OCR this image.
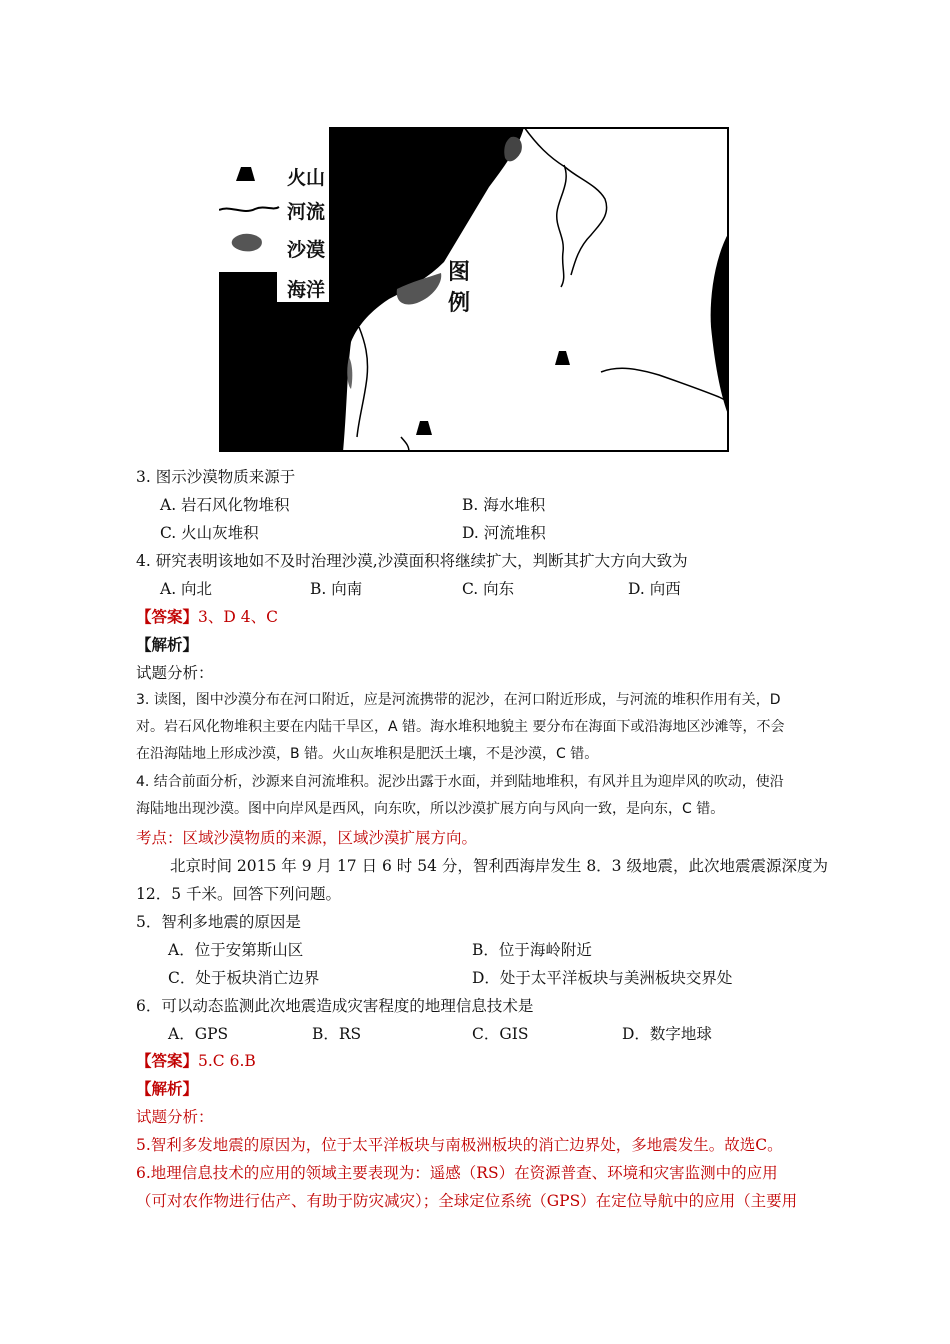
图例
火山
河流
沙漠
海洋
3. 图示沙漠物质来源于
A. 岩石风化物堆积	B. 海水堆积
C. 火山灰堆积	D. 河流堆积
4. 研究表明该地如不及时治理沙漠,沙漠面积将继续扩大，判断其扩大方向大致为
A. 向北	B. 向南	C. 向东	D. 向西
【答案】3、D 4、C
【解析】
试题分析：
3. 读图，图中沙漠分布在河口附近，应是河流携带的泥沙，在河口附近形成，与河流的堆积作用有关，D
对。岩石风化物堆积主要在内陆干旱区，A 错。海水堆积地貌主 要分布在海面下或沿海地区沙滩等，不会
在沿海陆地上形成沙漠，B 错。火山灰堆积是肥沃土壤，不是沙漠，C 错。
4. 结合前面分析，沙源来自河流堆积。泥沙出露于水面，并到陆地堆积，有风并且为迎岸风的吹动，使沿
海陆地出现沙漠。图中向岸风是西风，向东吹，所以沙漠扩展方向与风向一致，是向东，C 错。
考点：区域沙漠物质的来源，区域沙漠扩展方向。
北京时间 2015 年 9 月 17 日 6 时 54 分，智利西海岸发生 8．3 级地震，此次地震震源深度为
12．5 千米。回答下列问题。
5．智利多地震的原因是
A．位于安第斯山区	B．位于海岭附近
C．处于板块消亡边界	D．处于太平洋板块与美洲板块交界处
6．可以动态监测此次地震造成灾害程度的地理信息技术是
A．GPS	B．RS	C．GIS	D．数字地球
【答案】5.C 6.B
【解析】
试题分析：
5.智利多发地震的原因为，位于太平洋板块与南极洲板块的消亡边界处，多地震发生。故选C。
6.地理信息技术的应用的领域主要表现为：遥感（RS）在资源普查、环境和灾害监测中的应用
（可对农作物进行估产、有助于防灾减灾）；全球定位系统（GPS）在定位导航中的应用（主要用
